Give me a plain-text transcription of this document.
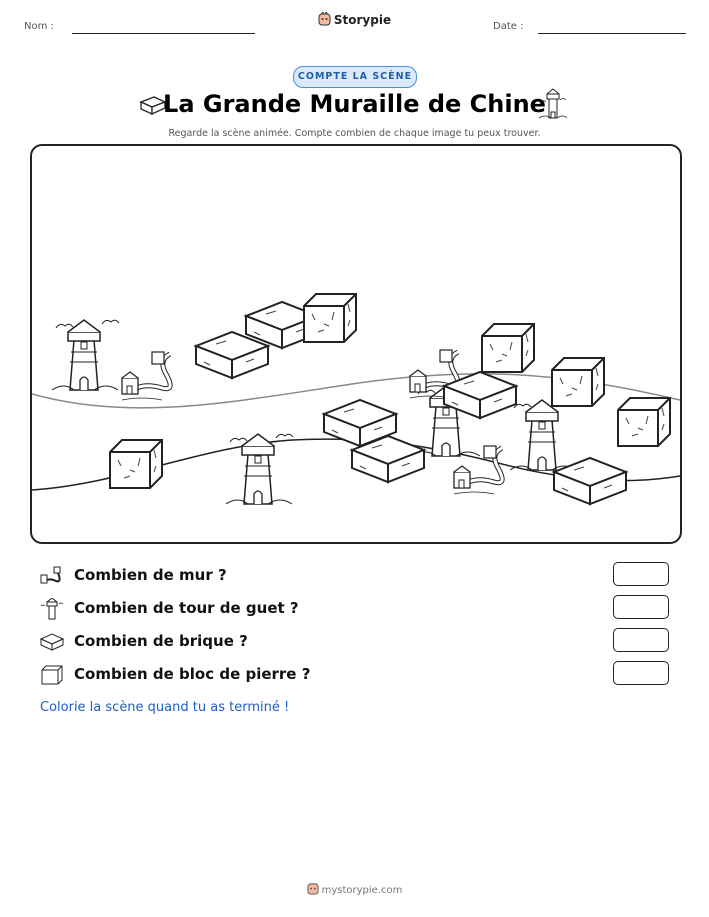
Nom :	Storypie	Date :
COMPTE LA SCÈNE
La Grande Muraille de Chine
Regarde la scène animée. Compte combien de chaque image tu peux trouver.
Combien de mur ?
Combien de tour de guet ?
Combien de brique ?
Combien de bloc de pierre ?
Colorie la scène quand tu as terminé !
mystorypie.com
